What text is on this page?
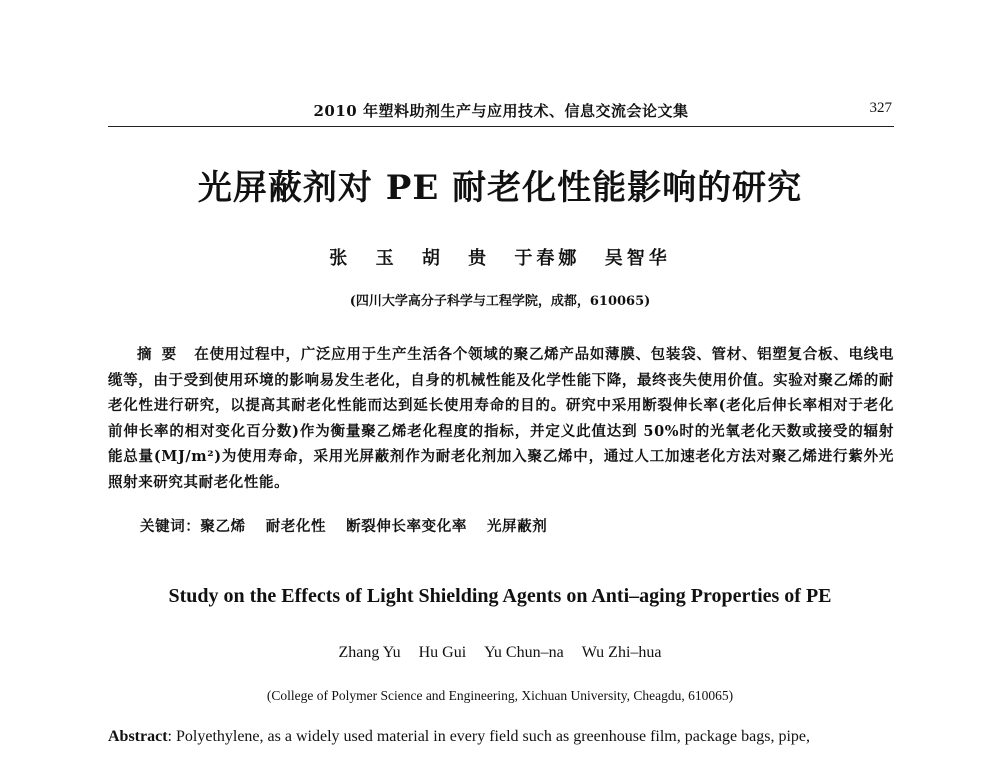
2010 年塑料助剂生产与应用技术、信息交流会论文集	327
光屏蔽剂对 PE 耐老化性能影响的研究
张 玉 胡 贵 于春娜 吴智华
(四川大学高分子科学与工程学院，成都，610065)

摘要 在使用过程中，广泛应用于生产生活各个领域的聚乙烯产品如薄膜、包装袋、管材、铝塑复合板、电线电缆等，由于受到使用环境的影响易发生老化，自身的机械性能及化学性能下降，最终丧失使用价值。实验对聚乙烯的耐老化性进行研究，以提高其耐老化性能而达到延长使用寿命的目的。研究中采用断裂伸长率(老化后伸长率相对于老化前伸长率的相对变化百分数)作为衡量聚乙烯老化程度的指标，并定义此值达到 50%时的光氧老化天数或接受的辐射能总量(MJ/m²)为使用寿命，采用光屏蔽剂作为耐老化剂加入聚乙烯中，通过人工加速老化方法对聚乙烯进行紫外光照射来研究其耐老化性能。

关键词：聚乙烯 耐老化性 断裂伸长率变化率 光屏蔽剂
Study on the Effects of Light Shielding Agents on Anti–aging Properties of PE
Zhang Yu Hu Gui Yu Chun–na Wu Zhi–hua
(College of Polymer Science and Engineering, Xichuan University, Cheagdu, 610065)
Abstract: Polyethylene, as a widely used material in every field such as greenhouse film, package bags, pipe,
